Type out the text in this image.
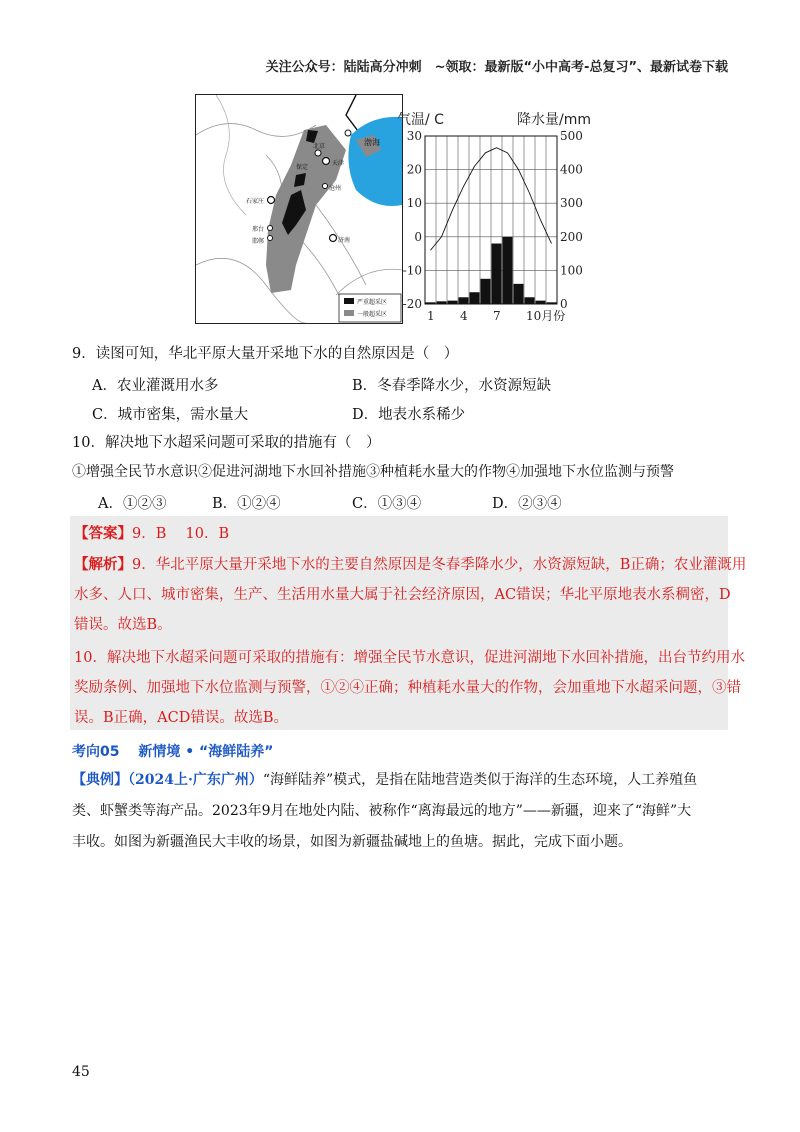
关注公众号：陆陆高分冲刺　~领取：最新版“小中高考-总复习”、最新试卷下载
渤海
北京
天津
保定
沧州
石家庄
邢台
邯郸	济南
严重超采区
一般超采区
30
20
10
0
-10
-20
500
400
300
200
100
0
1 4 7 10月份
气温/ C	降水量/mm
9．读图可知，华北平原大量开采地下水的自然原因是（　）
A．农业灌溉用水多	B．冬春季降水少，水资源短缺
C．城市密集，需水量大	D．地表水系稀少
10．解决地下水超采问题可采取的措施有（　）
①增强全民节水意识②促进河湖地下水回补措施③种植耗水量大的作物④加强地下水位监测与预警
A．①②③	B．①②④	C．①③④	D．②③④
【答案】9．B　 10．B
【解析】9．华北平原大量开采地下水的主要自然原因是冬春季降水少，水资源短缺，B正确；农业灌溉用
水多、人口、城市密集，生产、生活用水量大属于社会经济原因，AC错误；华北平原地表水系稠密，D
错误。故选B。
10．解决地下水超采问题可采取的措施有：增强全民节水意识，促进河湖地下水回补措施，出台节约用水
奖励条例、加强地下水位监测与预警，①②④正确；种植耗水量大的作物，会加重地下水超采问题，③错
误。B正确，ACD错误。故选B。
考向05　 新情境 • “海鲜陆养”
【典例】（2024上·广东广州）“海鲜陆养”模式，是指在陆地营造类似于海洋的生态环境，人工养殖鱼
类、虾蟹类等海产品。2023年9月在地处内陆、被称作“离海最远的地方”——新疆，迎来了“海鲜”大
丰收。如图为新疆渔民大丰收的场景，如图为新疆盐碱地上的鱼塘。据此，完成下面小题。
45
